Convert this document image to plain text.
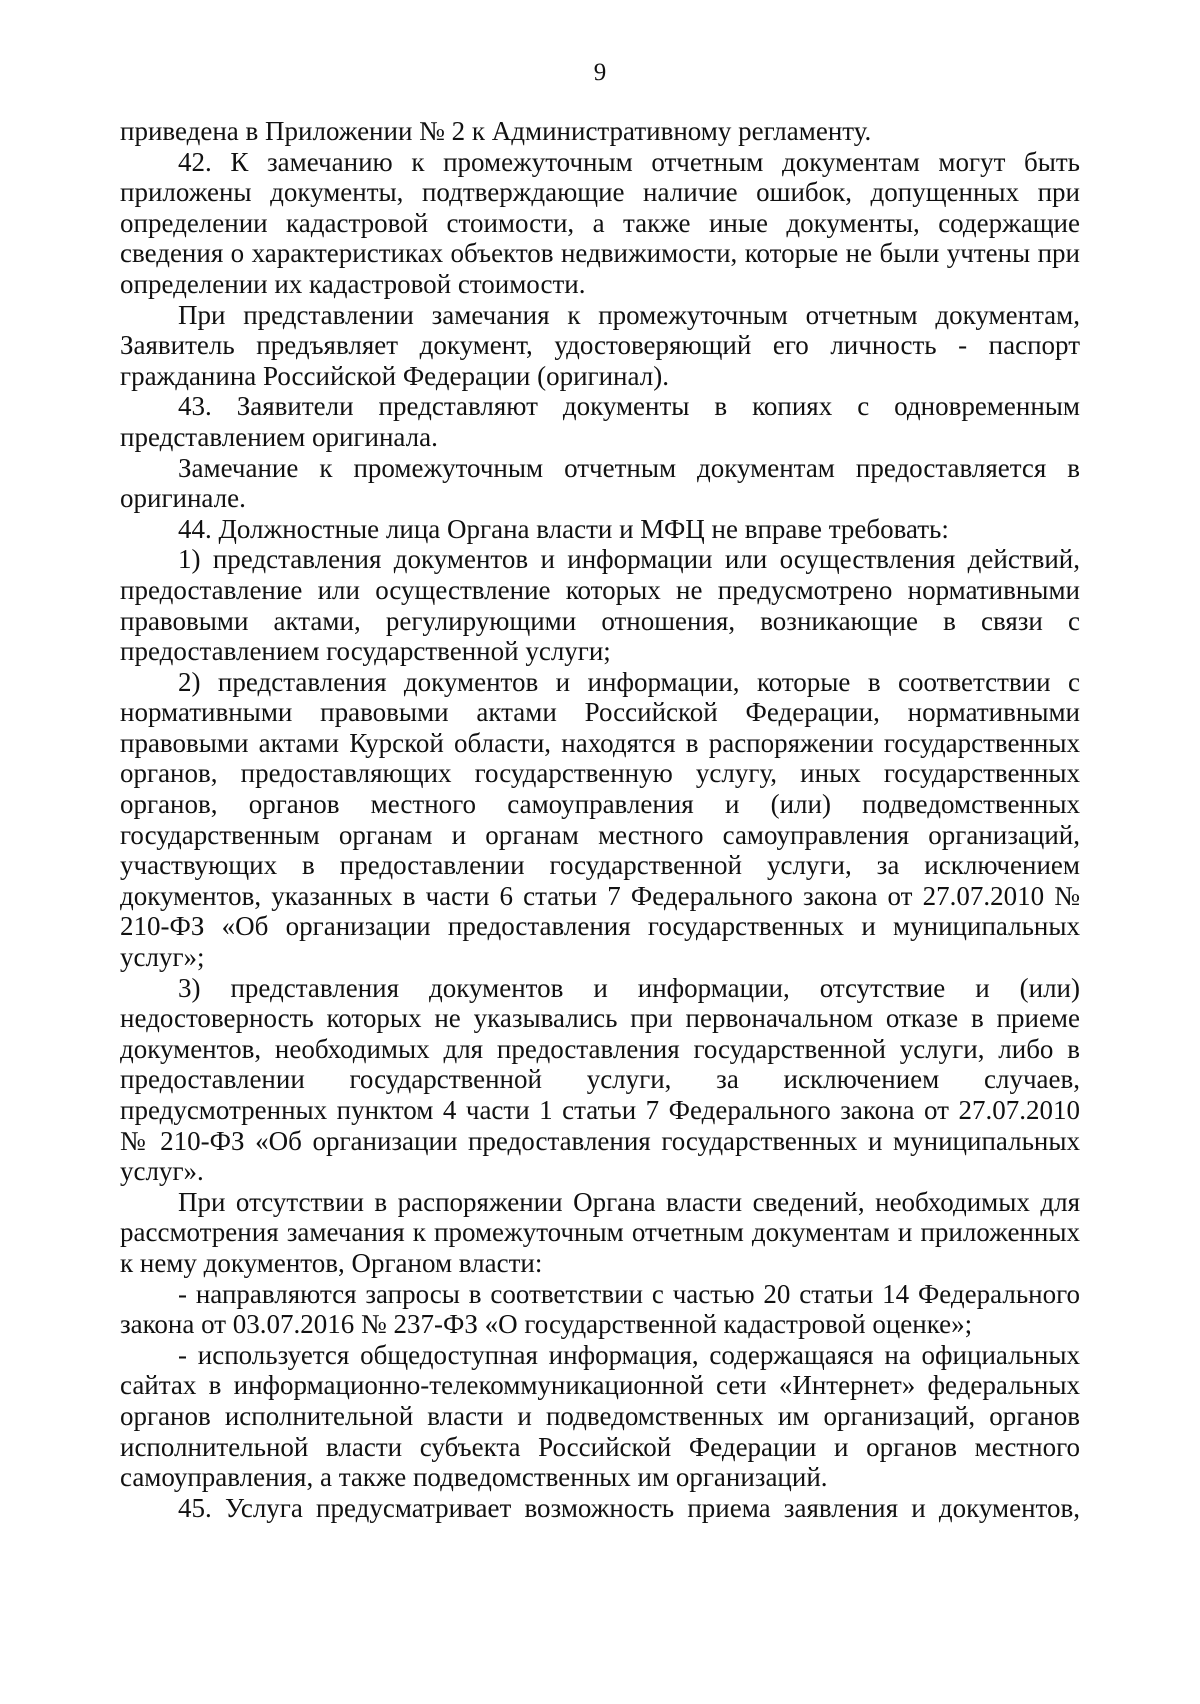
9

приведена в Приложении № 2 к Административному регламенту.

42. К замечанию к промежуточным отчетным документам могут быть приложены документы, подтверждающие наличие ошибок, допущенных при определении кадастровой стоимости, а также иные документы, содержащие сведения о характеристиках объектов недвижимости, которые не были учтены при определении их кадастровой стоимости.

При представлении замечания к промежуточным отчетным документам, Заявитель предъявляет документ, удостоверяющий его личность - паспорт гражданина Российской Федерации (оригинал).

43. Заявители представляют документы в копиях с одновременным представлением оригинала.

Замечание к промежуточным отчетным документам предоставляется в оригинале.

44. Должностные лица Органа власти и МФЦ не вправе требовать:

1) представления документов и информации или осуществления действий, предоставление или осуществление которых не предусмотрено нормативными правовыми актами, регулирующими отношения, возникающие в связи с предоставлением государственной услуги;

2) представления документов и информации, которые в соответствии с нормативными правовыми актами Российской Федерации, нормативными правовыми актами Курской области, находятся в распоряжении государственных органов, предоставляющих государственную услугу, иных государственных органов, органов местного самоуправления и (или) подведомственных государственным органам и органам местного самоуправления организаций, участвующих в предоставлении государственной услуги, за исключением документов, указанных в части 6 статьи 7 Федерального закона от 27.07.2010 № 210-ФЗ «Об организации предоставления государственных и муниципальных услуг»;

3) представления документов и информации, отсутствие и (или) недостоверность которых не указывались при первоначальном отказе в приеме документов, необходимых для предоставления государственной услуги, либо в предоставлении государственной услуги, за исключением случаев, предусмотренных пунктом 4 части 1 статьи 7 Федерального закона от 27.07.2010 № 210-ФЗ «Об организации предоставления государственных и муниципальных услуг».

При отсутствии в распоряжении Органа власти сведений, необходимых для рассмотрения замечания к промежуточным отчетным документам и приложенных к нему документов, Органом власти:

- направляются запросы в соответствии с частью 20 статьи 14 Федерального закона от 03.07.2016 № 237-ФЗ «О государственной кадастровой оценке»;

- используется общедоступная информация, содержащаяся на официальных сайтах в информационно-телекоммуникационной сети «Интернет» федеральных органов исполнительной власти и подведомственных им организаций, органов исполнительной власти субъекта Российской Федерации и органов местного самоуправления, а также подведомственных им организаций.

45. Услуга предусматривает возможность приема заявления и документов,
